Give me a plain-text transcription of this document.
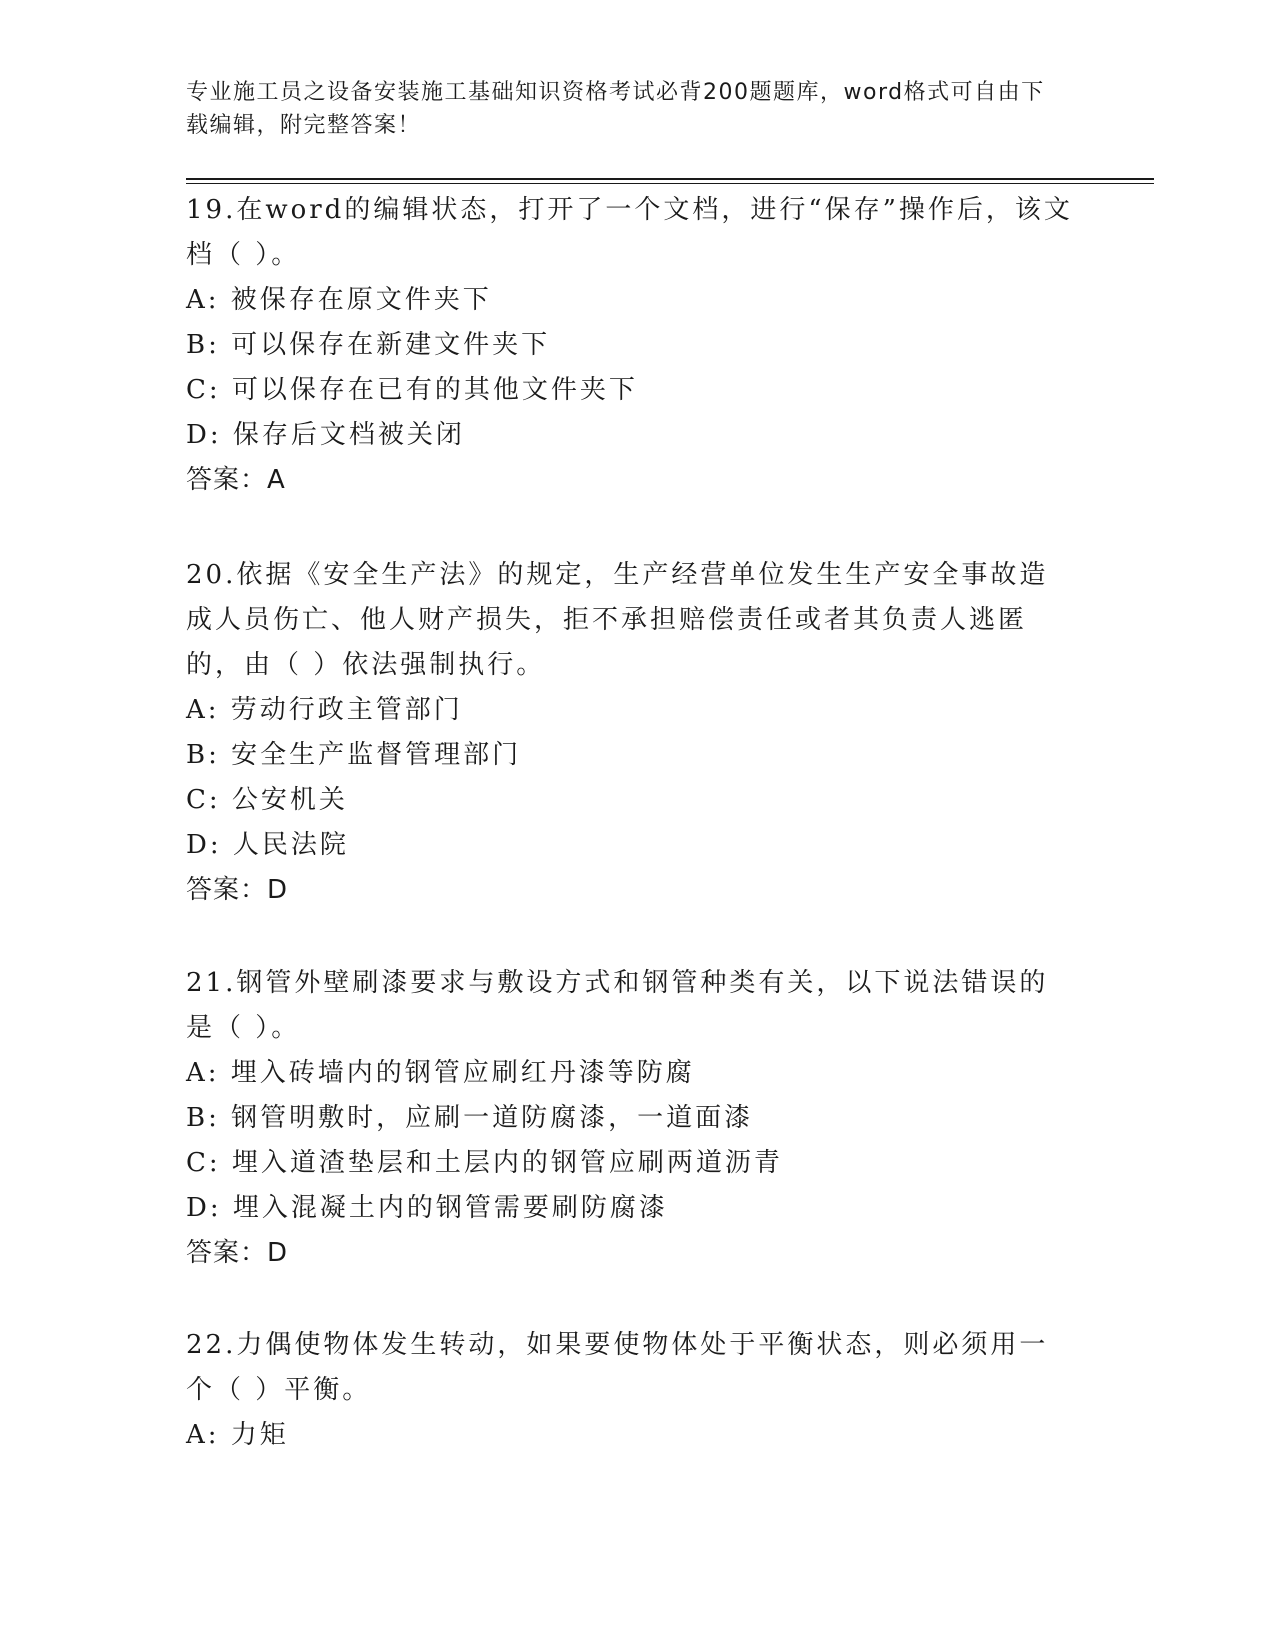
专业施工员之设备安装施工基础知识资格考试必背200题题库，word格式可自由下载编辑，附完整答案！
19.在word的编辑状态，打开了一个文档，进行“保存”操作后，该文档（ ）。
A: 被保存在原文件夹下
B: 可以保存在新建文件夹下
C: 可以保存在已有的其他文件夹下
D: 保存后文档被关闭
答案：A
20.依据《安全生产法》的规定，生产经营单位发生生产安全事故造成人员伤亡、他人财产损失，拒不承担赔偿责任或者其负责人逃匿的，由（ ）依法强制执行。
A: 劳动行政主管部门
B: 安全生产监督管理部门
C: 公安机关
D: 人民法院
答案：D
21.钢管外壁刷漆要求与敷设方式和钢管种类有关，以下说法错误的是（ ）。
A: 埋入砖墙内的钢管应刷红丹漆等防腐
B: 钢管明敷时，应刷一道防腐漆，一道面漆
C: 埋入道渣垫层和土层内的钢管应刷两道沥青
D: 埋入混凝土内的钢管需要刷防腐漆
答案：D
22.力偶使物体发生转动，如果要使物体处于平衡状态，则必须用一个（ ）平衡。
A: 力矩
